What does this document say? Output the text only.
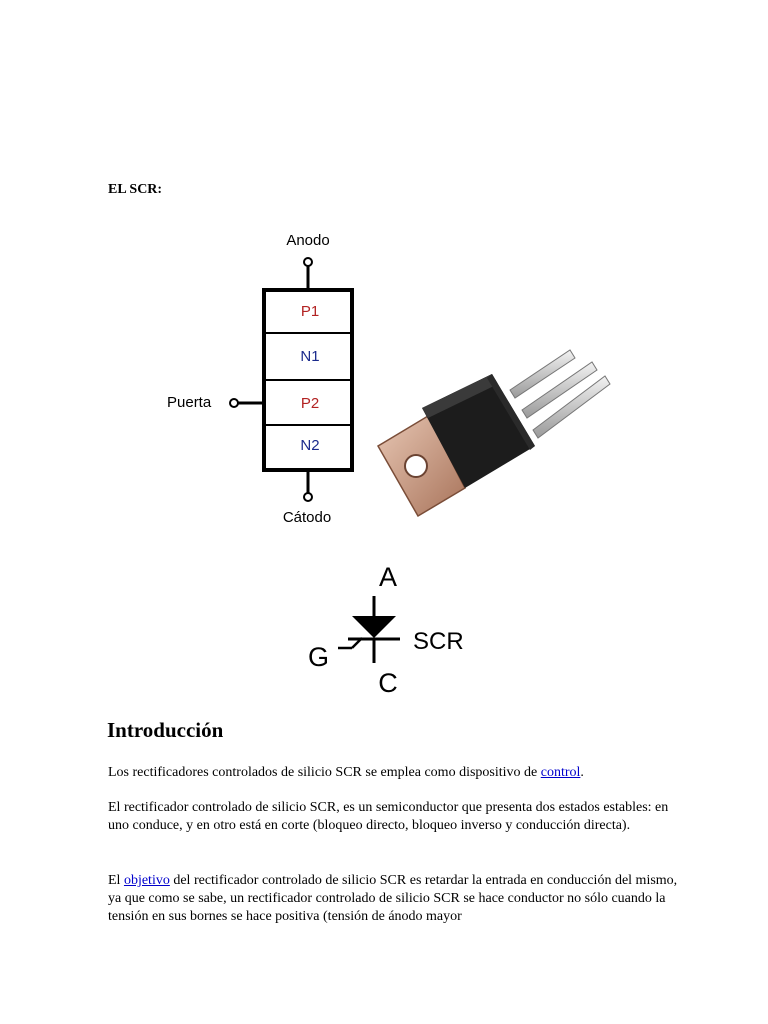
EL SCR:
Anodo
P1
N1
P2
N2
Puerta
Cátodo
A
G
C
SCR
Introducción

Los rectificadores controlados de silicio SCR se emplea como dispositivo de control.

El rectificador controlado de silicio SCR, es un semiconductor que presenta dos estados estables: en uno conduce, y en otro está en corte (bloqueo directo, bloqueo inverso y conducción directa).

El objetivo del rectificador controlado de silicio SCR es retardar la entrada en conducción del mismo, ya que como se sabe, un rectificador controlado de silicio SCR se hace conductor no sólo cuando la tensión en sus bornes se hace positiva (tensión de ánodo mayor
